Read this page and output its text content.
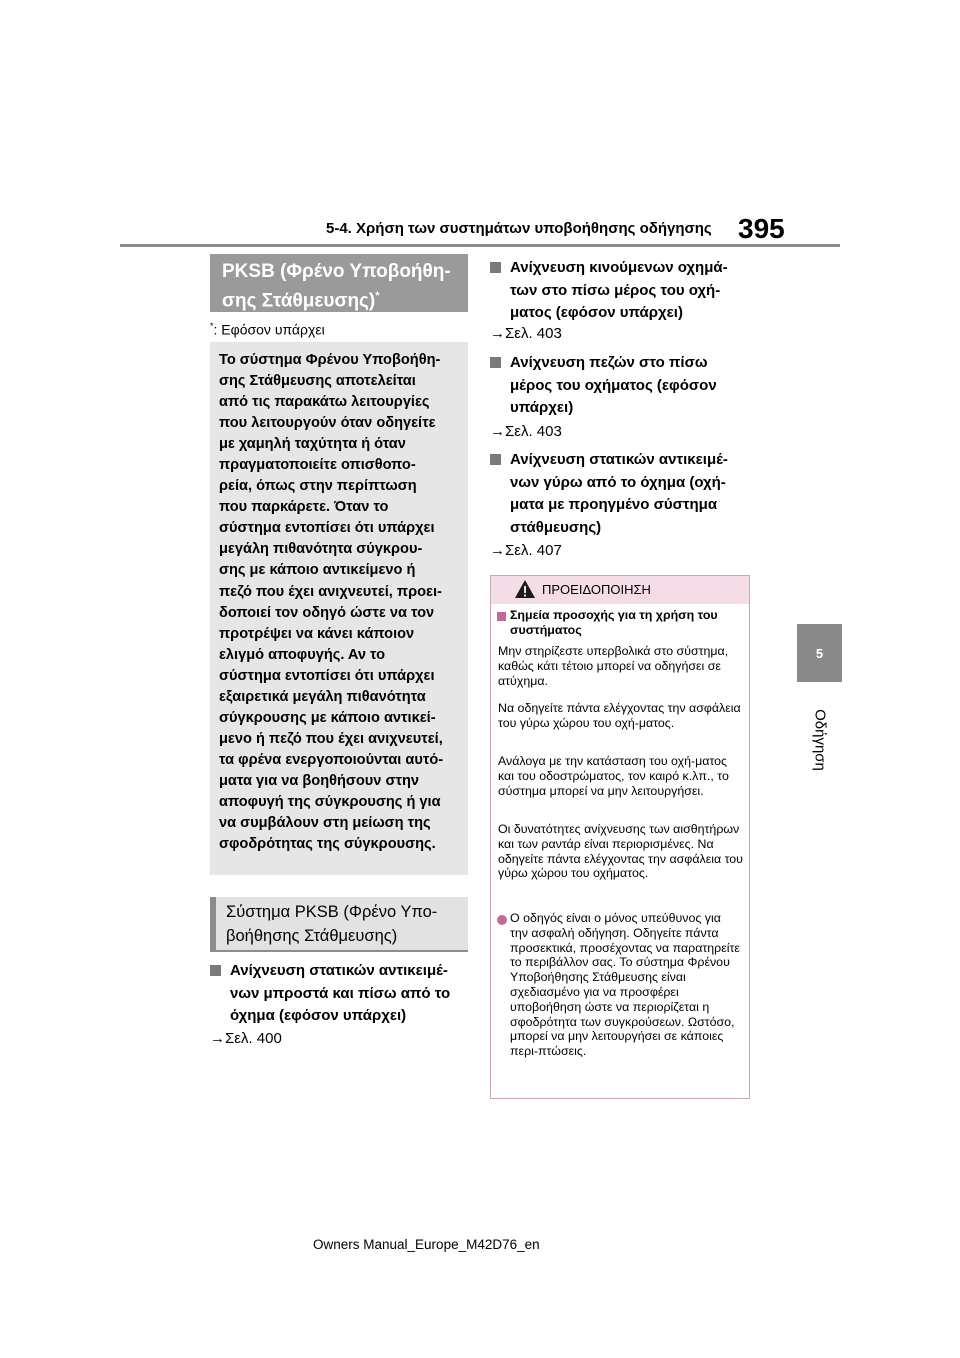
5-4. Χρήση των συστημάτων υποβοήθησης οδήγησης 395
5
Οδήγηση
PKSB (Φρένο Υποβοήθη-σης Στάθμευσης)*
*: Εφόσον υπάρχει
Το σύστημα Φρένου Υποβοήθη-
σης Στάθμευσης αποτελείται
από τις παρακάτω λειτουργίες
που λειτουργούν όταν οδηγείτε
με χαμηλή ταχύτητα ή όταν
πραγματοποιείτε οπισθοπο-
ρεία, όπως στην περίπτωση
που παρκάρετε. Όταν το
σύστημα εντοπίσει ότι υπάρχει
μεγάλη πιθανότητα σύγκρου-
σης με κάποιο αντικείμενο ή
πεζό που έχει ανιχνευτεί, προει-
δοποιεί τον οδηγό ώστε να τον
προτρέψει να κάνει κάποιον
ελιγμό αποφυγής. Αν το
σύστημα εντοπίσει ότι υπάρχει
εξαιρετικά μεγάλη πιθανότητα
σύγκρουσης με κάποιο αντικεί-
μενο ή πεζό που έχει ανιχνευτεί,
τα φρένα ενεργοποιούνται αυτό-
ματα για να βοηθήσουν στην
αποφυγή της σύγκρουσης ή για
να συμβάλουν στη μείωση της
σφοδρότητας της σύγκρουσης.
Σύστημα PKSB (Φρένο Υπο-βοήθησης Στάθμευσης)
Ανίχνευση στατικών αντικειμέ-νων μπροστά και πίσω από το όχημα (εφόσον υπάρχει)
→Σελ. 400
Ανίχνευση κινούμενων οχημά-των στο πίσω μέρος του οχή-ματος (εφόσον υπάρχει)
→Σελ. 403
Ανίχνευση πεζών στο πίσω μέρος του οχήματος (εφόσον υπάρχει)
→Σελ. 403
Ανίχνευση στατικών αντικειμέ-νων γύρω από το όχημα (οχή-ματα με προηγμένο σύστημα στάθμευσης)
→Σελ. 407
ΠΡΟΕΙΔΟΠΟΙΗΣΗ
Σημεία προσοχής για τη χρήση του συστήματος
Μην στηρίζεστε υπερβολικά στο σύστημα, καθώς κάτι τέτοιο μπορεί να οδηγήσει σε ατύχημα.
Να οδηγείτε πάντα ελέγχοντας την ασφάλεια του γύρω χώρου του οχή-ματος.
Ανάλογα με την κατάσταση του οχή-ματος και του οδοστρώματος, τον καιρό κ.λπ., το σύστημα μπορεί να μην λειτουργήσει.
Οι δυνατότητες ανίχνευσης των αισθητήρων και των ραντάρ είναι περιορισμένες. Να οδηγείτε πάντα ελέγχοντας την ασφάλεια του γύρω χώρου του οχήματος.
Ο οδηγός είναι ο μόνος υπεύθυνος για την ασφαλή οδήγηση. Οδηγείτε πάντα προσεκτικά, προσέχοντας να παρατηρείτε το περιβάλλον σας. Το σύστημα Φρένου Υποβοήθησης Στάθμευσης είναι σχεδιασμένο για να προσφέρει υποβοήθηση ώστε να περιορίζεται η σφοδρότητα των συγκρούσεων. Ωστόσο, μπορεί να μην λειτουργήσει σε κάποιες περι-πτώσεις.
Owners Manual_Europe_M42D76_en
